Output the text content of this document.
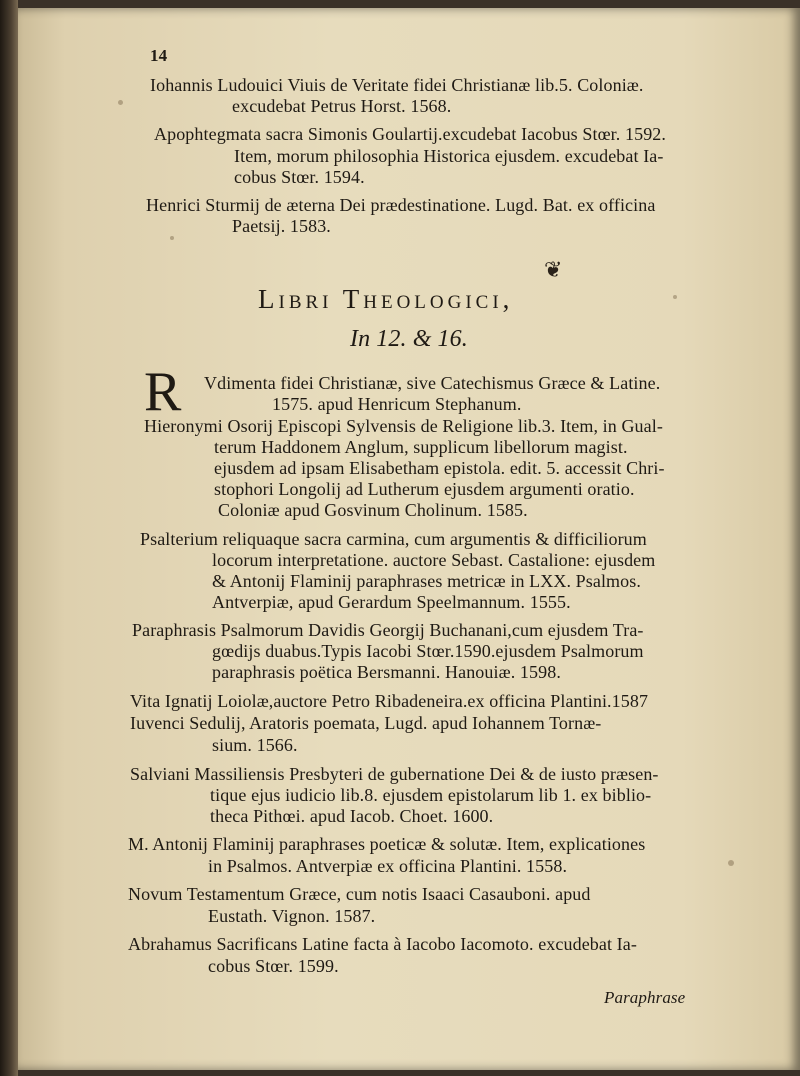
14
Iohannis Ludouici Viuis de Veritate fidei Christianæ lib.5. Coloniæ.
excudebat Petrus Horst. 1568.
Apophtegmata sacra Simonis Goulartij.excudebat Iacobus Stœr. 1592.
Item, morum philosophia Historica ejusdem. excudebat Ia-
cobus Stœr. 1594.
Henrici Sturmij de æterna Dei prædestinatione. Lugd. Bat. ex officina
Paetsij. 1583.
❦
Libri Theologici,
In 12. & 16.
R Vdimenta fidei Christianæ, sive Catechismus Græce & Latine.
1575. apud Henricum Stephanum.
Hieronymi Osorij Episcopi Sylvensis de Religione lib.3. Item, in Gual-
terum Haddonem Anglum, supplicum libellorum magist.
ejusdem ad ipsam Elisabetham epistola. edit. 5. accessit Chri-
stophori Longolij ad Lutherum ejusdem argumenti oratio.
Coloniæ apud Gosvinum Cholinum. 1585.
Psalterium reliquaque sacra carmina, cum argumentis & difficiliorum
locorum interpretatione. auctore Sebast. Castalione: ejusdem
& Antonij Flaminij paraphrases metricæ in LXX. Psalmos.
Antverpiæ, apud Gerardum Speelmannum. 1555.
Paraphrasis Psalmorum Davidis Georgij Buchanani,cum ejusdem Tra-
gœdijs duabus.Typis Iacobi Stœr.1590.ejusdem Psalmorum
paraphrasis poëtica Bersmanni. Hanouiæ. 1598.
Vita Ignatij Loiolæ,auctore Petro Ribadeneira.ex officina Plantini.1587
Iuvenci Sedulij, Aratoris poemata, Lugd. apud Iohannem Tornæ-
sium. 1566.
Salviani Massiliensis Presbyteri de gubernatione Dei & de iusto præsen-
tique ejus iudicio lib.8. ejusdem epistolarum lib 1. ex biblio-
theca Pithœi. apud Iacob. Choet. 1600.
M. Antonij Flaminij paraphrases poeticæ & solutæ. Item, explicationes
in Psalmos. Antverpiæ ex officina Plantini. 1558.
Novum Testamentum Græce, cum notis Isaaci Casauboni. apud
Eustath. Vignon. 1587.
Abrahamus Sacrificans Latine facta à Iacobo Iacomoto. excudebat Ia-
cobus Stœr. 1599.
Paraphrase
